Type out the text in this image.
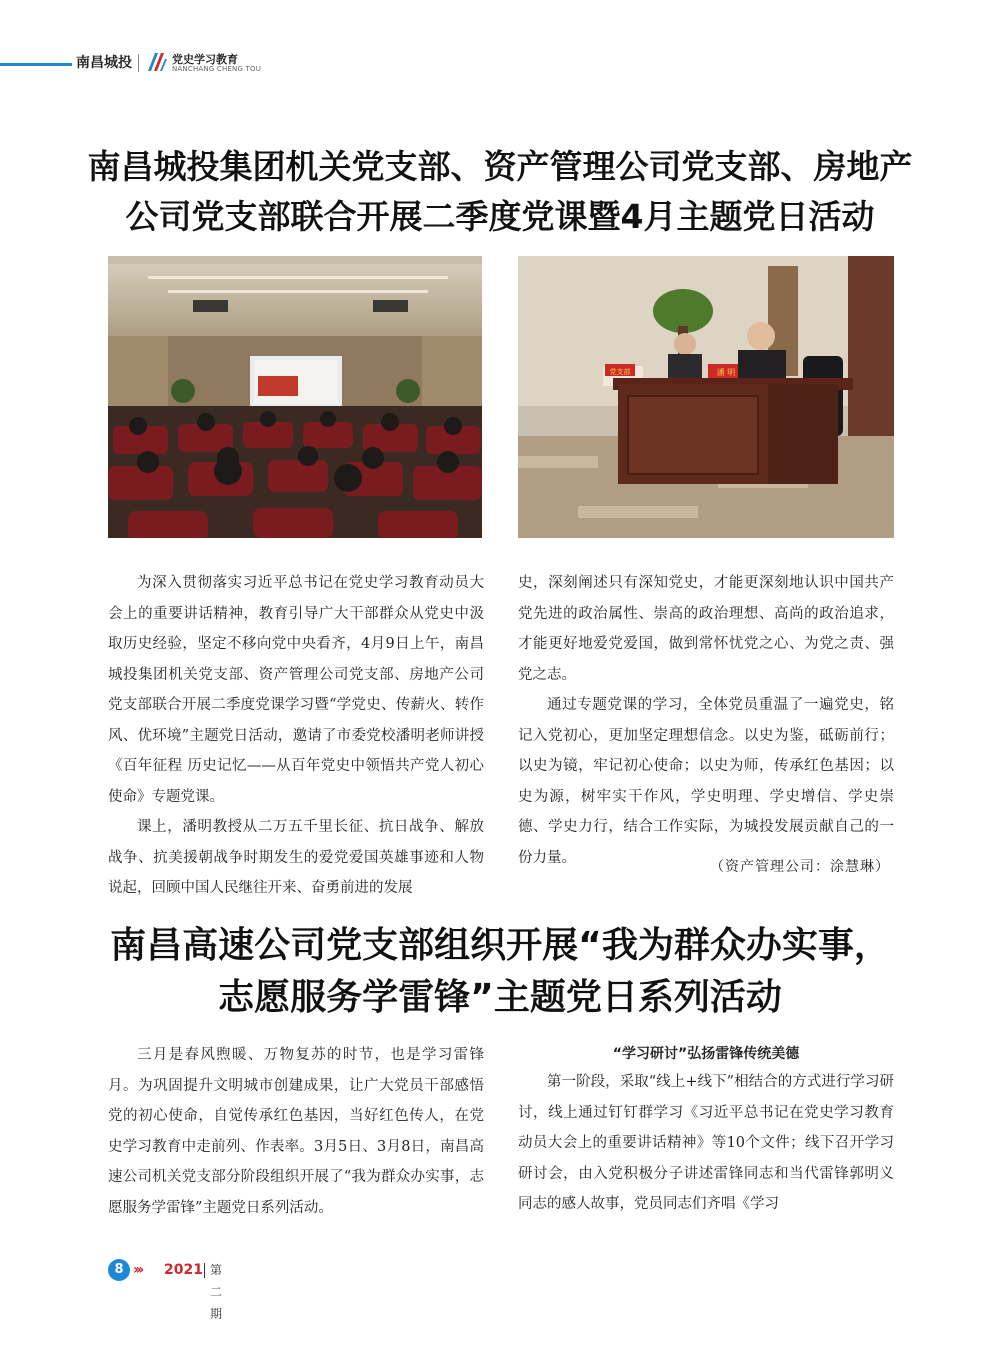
南昌城投	党史学习教育
NANCHANG CHENG TOU
南昌城投集团机关党支部、资产管理公司党支部、房地产
公司党支部联合开展二季度党课暨4月主题党日活动
党支部	潘 明

为深入贯彻落实习近平总书记在党史学习教育动员大会上的重要讲话精神，教育引导广大干部群众从党史中汲取历史经验，坚定不移向党中央看齐，4月9日上午，南昌城投集团机关党支部、资产管理公司党支部、房地产公司党支部联合开展二季度党课学习暨“学党史、传薪火、转作风、优环境”主题党日活动，邀请了市委党校潘明老师讲授《百年征程 历史记忆——从百年党史中领悟共产党人初心使命》专题党课。

课上，潘明教授从二万五千里长征、抗日战争、解放战争、抗美援朝战争时期发生的爱党爱国英雄事迹和人物说起，回顾中国人民继往开来、奋勇前进的发展

史，深刻阐述只有深知党史，才能更深刻地认识中国共产党先进的政治属性、崇高的政治理想、高尚的政治追求，才能更好地爱党爱国，做到常怀忧党之心、为党之责、强党之志。

通过专题党课的学习，全体党员重温了一遍党史，铭记入党初心，更加坚定理想信念。以史为鉴，砥砺前行；以史为镜，牢记初心使命；以史为师，传承红色基因；以史为源，树牢实干作风，学史明理、学史增信、学史崇德、学史力行，结合工作实际，为城投发展贡献自己的一份力量。

（资产管理公司：涂慧琳）
南昌高速公司党支部组织开展“我为群众办实事，
志愿服务学雷锋”主题党日系列活动

三月是春风煦暖、万物复苏的时节，也是学习雷锋月。为巩固提升文明城市创建成果，让广大党员干部感悟党的初心使命，自觉传承红色基因，当好红色传人，在党史学习教育中走前列、作表率。3月5日、3月8日，南昌高速公司机关党支部分阶段组织开展了“我为群众办实事，志愿服务学雷锋”主题党日系列活动。

“学习研讨”弘扬雷锋传统美德

第一阶段，采取“线上+线下”相结合的方式进行学习研讨，线上通过钉钉群学习《习近平总书记在党史学习教育动员大会上的重要讲话精神》等10个文件；线下召开学习研讨会，由入党积极分子讲述雷锋同志和当代雷锋郭明义同志的感人故事，党员同志们齐唱《学习

8 ››› 2021 第二期
